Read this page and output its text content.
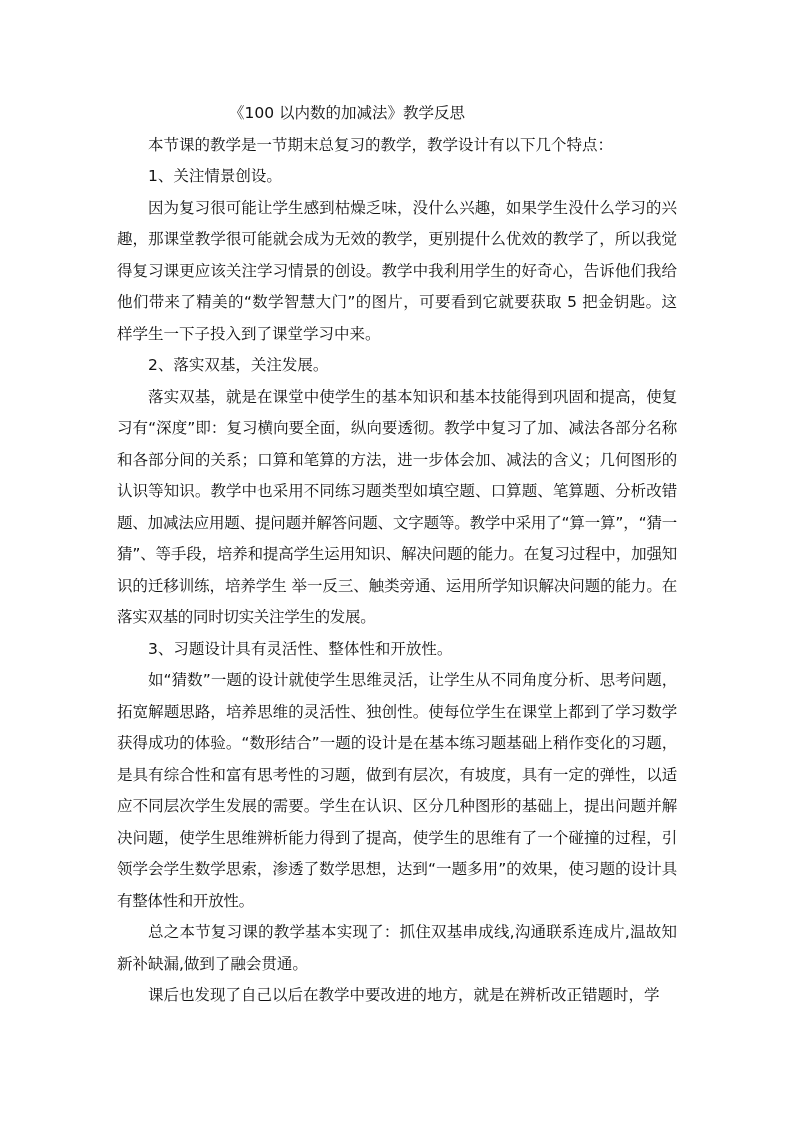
《100 以内数的加减法》教学反思

本节课的教学是一节期末总复习的教学，教学设计有以下几个特点：

1、关注情景创设。

因为复习很可能让学生感到枯燥乏味，没什么兴趣，如果学生没什么学习的兴趣，那课堂教学很可能就会成为无效的教学，更别提什么优效的教学了，所以我觉得复习课更应该关注学习情景的创设。教学中我利用学生的好奇心，告诉他们我给他们带来了精美的“数学智慧大门”的图片，可要看到它就要获取 5 把金钥匙。这样学生一下子投入到了课堂学习中来。

2、落实双基，关注发展。

落实双基，就是在课堂中使学生的基本知识和基本技能得到巩固和提高，使复习有“深度”即：复习横向要全面，纵向要透彻。教学中复习了加、减法各部分名称和各部分间的关系；口算和笔算的方法，进一步体会加、减法的含义；几何图形的认识等知识。教学中也采用不同练习题类型如填空题、口算题、笔算题、分析改错题、加减法应用题、提问题并解答问题、文字题等。教学中采用了“算一算”，“猜一猜”、等手段，培养和提高学生运用知识、解决问题的能力。在复习过程中，加强知识的迁移训练，培养学生 举一反三、触类旁通、运用所学知识解决问题的能力。在落实双基的同时切实关注学生的发展。

3、习题设计具有灵活性、整体性和开放性。

如“猜数”一题的设计就使学生思维灵活，让学生从不同角度分析、思考问题，拓宽解题思路，培养思维的灵活性、独创性。使每位学生在课堂上都到了学习数学获得成功的体验。“数形结合”一题的设计是在基本练习题基础上稍作变化的习题，是具有综合性和富有思考性的习题，做到有层次，有坡度，具有一定的弹性，以适应不同层次学生发展的需要。学生在认识、区分几种图形的基础上，提出问题并解决问题，使学生思维辨析能力得到了提高，使学生的思维有了一个碰撞的过程，引领学会学生数学思索，渗透了数学思想，达到“一题多用”的效果，使习题的设计具有整体性和开放性。

总之本节复习课的教学基本实现了：抓住双基串成线,沟通联系连成片,温故知新补缺漏,做到了融会贯通。

课后也发现了自己以后在教学中要改进的地方，就是在辨析改正错题时，学
